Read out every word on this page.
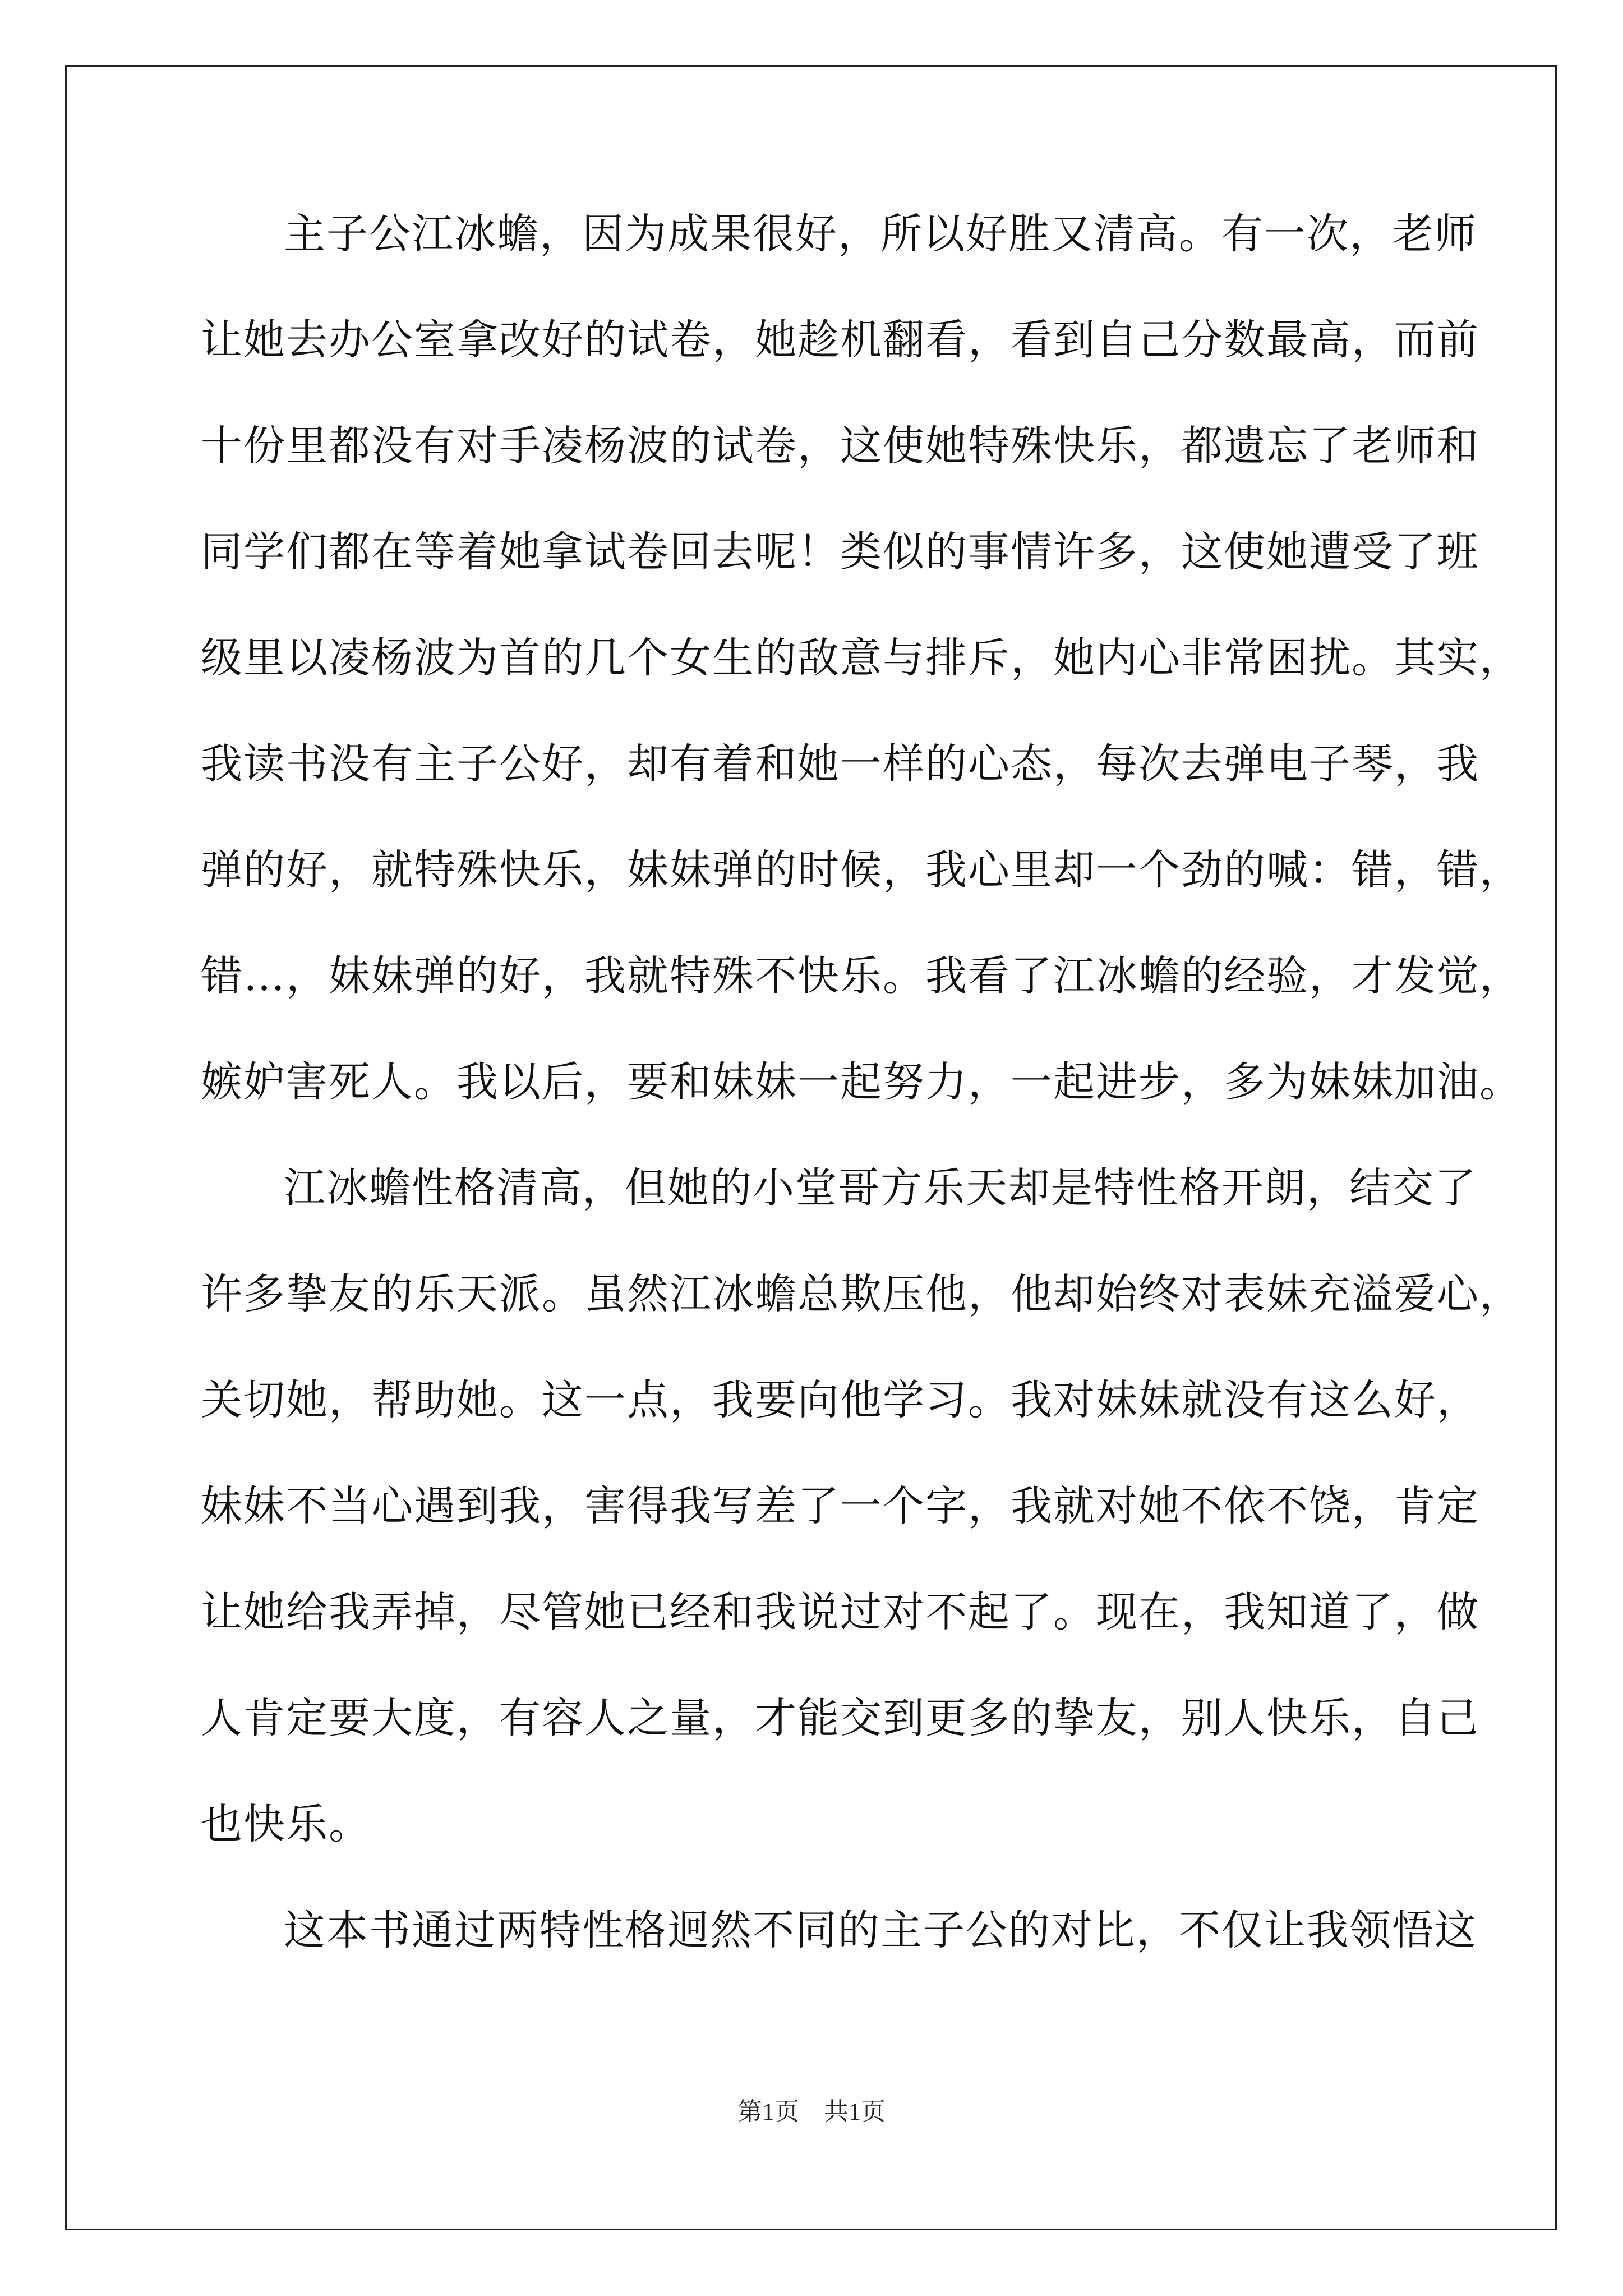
主子公江冰蟾，因为成果很好，所以好胜又清高。有一次，老师
让她去办公室拿改好的试卷，她趁机翻看，看到自己分数最高，而前
十份里都没有对手凌杨波的试卷，这使她特殊快乐，都遗忘了老师和
同学们都在等着她拿试卷回去呢！类似的事情许多，这使她遭受了班
级里以凌杨波为首的几个女生的敌意与排斥，她内心非常困扰。其实，
我读书没有主子公好，却有着和她一样的心态，每次去弹电子琴，我
弹的好，就特殊快乐，妹妹弹的时候，我心里却一个劲的喊：错，错，
错…，妹妹弹的好，我就特殊不快乐。我看了江冰蟾的经验，才发觉，
嫉妒害死人。我以后，要和妹妹一起努力，一起进步，多为妹妹加油。
江冰蟾性格清高，但她的小堂哥方乐天却是特性格开朗，结交了
许多挚友的乐天派。虽然江冰蟾总欺压他，他却始终对表妹充溢爱心，
关切她，帮助她。这一点，我要向他学习。我对妹妹就没有这么好，
妹妹不当心遇到我，害得我写差了一个字，我就对她不依不饶，肯定
让她给我弄掉，尽管她已经和我说过对不起了。现在，我知道了，做
人肯定要大度，有容人之量，才能交到更多的挚友，别人快乐，自己
也快乐。
这本书通过两特性格迥然不同的主子公的对比，不仅让我领悟这
第1页　共1页
